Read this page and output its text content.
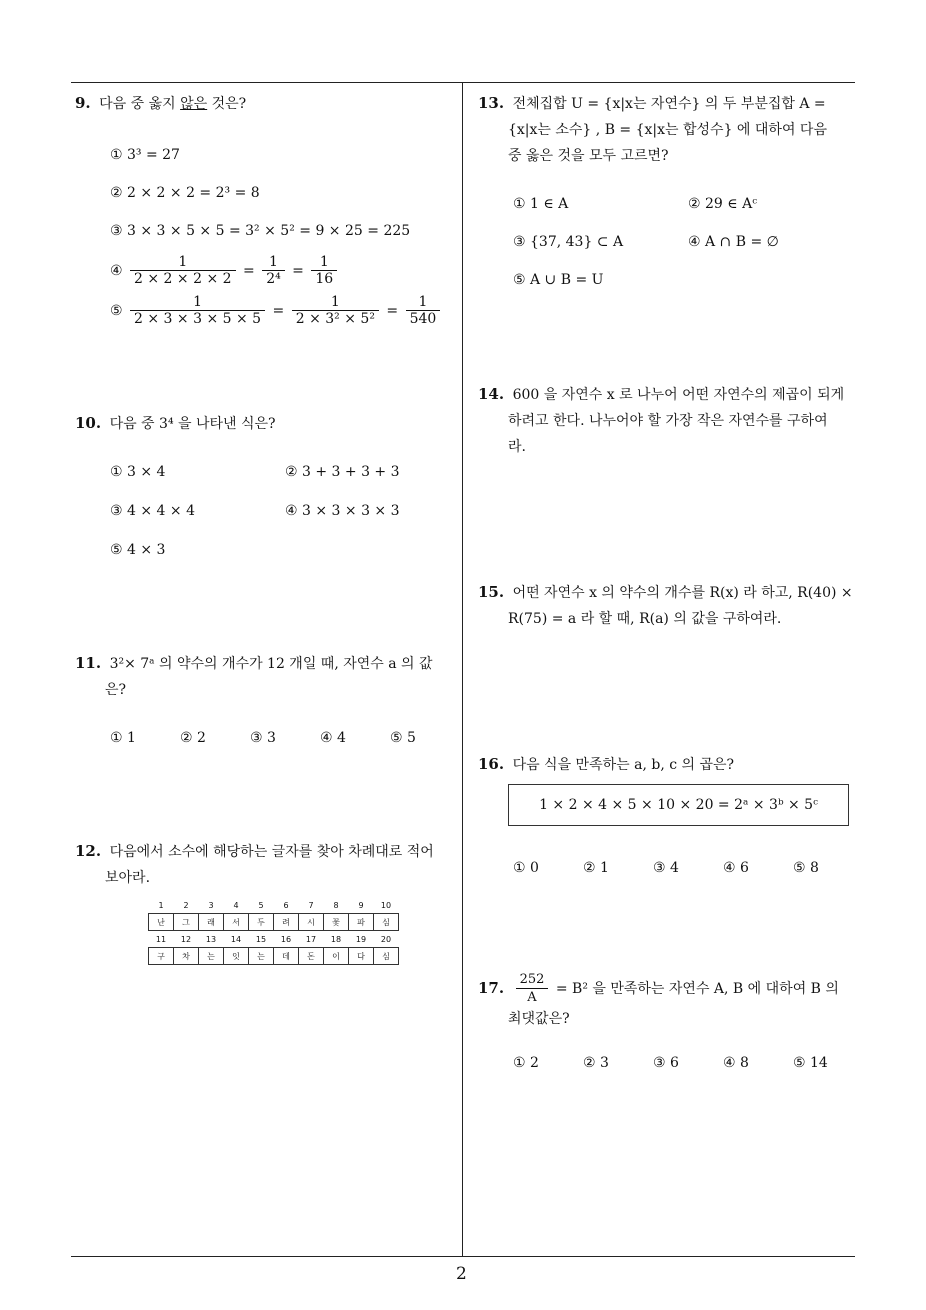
9. 다음 중 옳지 않은 것은?
① 3³ = 27
② 2 × 2 × 2 = 2³ = 8
③ 3 × 3 × 5 × 5 = 3² × 5² = 9 × 25 = 225
④ $\frac{1}{2 \times 2 \times 2 \times 2} = \frac{1}{\text{2⁴}} = \frac{1}{16}$
⑤ $\frac{1}{2 \times 3 \times 3 \times 5 \times 5} = \frac{1}{\text{2 × 3² × 5²}} = \frac{1}{540}$
10. 다음 중 3⁴ 을 나타낸 식은?
① 3 × 4	② 3 + 3 + 3 + 3
③ 4 × 4 × 4	④ 3 × 3 × 3 × 3
⑤ 4 × 3
11. 3²× 7ᵃ 의 약수의 개수가 12 개일 때, 자연수 a 의 값
은?
① 1	② 2	③ 3	④ 4	⑤ 5
12. 다음에서 소수에 해당하는 글자를 찾아 차례대로 적어
보아라.
1	2	3	4	5	6	7	8	9	10
난	그	래	서	두	려	시	꽃	파	심
11	12	13	14	15	16	17	18	19	20
구	차	는	잇	는	데	돈	이	다	심
13. 전체집합 U = {x|x는 자연수} 의 두 부분집합 A =
{x|x는 소수} , B = {x|x는 합성수} 에 대하여 다음
중 옳은 것을 모두 고르면?
① 1 ∈ A	② 29 ∈ Aᶜ
③ {37, 43} ⊂ A	④ A ∩ B = ∅
⑤ A ∪ B = U
14. 600 을 자연수 x 로 나누어 어떤 자연수의 제곱이 되게
하려고 한다. 나누어야 할 가장 작은 자연수를 구하여
라.
15. 어떤 자연수 x 의 약수의 개수를 R(x) 라 하고, R(40) ×
R(75) = a 라 할 때, R(a) 의 값을 구하여라.
16. 다음 식을 만족하는 a, b, c 의 곱은?
1 × 2 × 4 × 5 × 10 × 20 = 2ᵃ × 3ᵇ × 5ᶜ
① 0	② 1	③ 4	④ 6	⑤ 8
17. $\frac{252}{A} = B^2$ 을 만족하는 자연수 A, B 에 대하여 B 의
최댓값은?
① 2	② 3	③ 6	④ 8	⑤ 14
2
